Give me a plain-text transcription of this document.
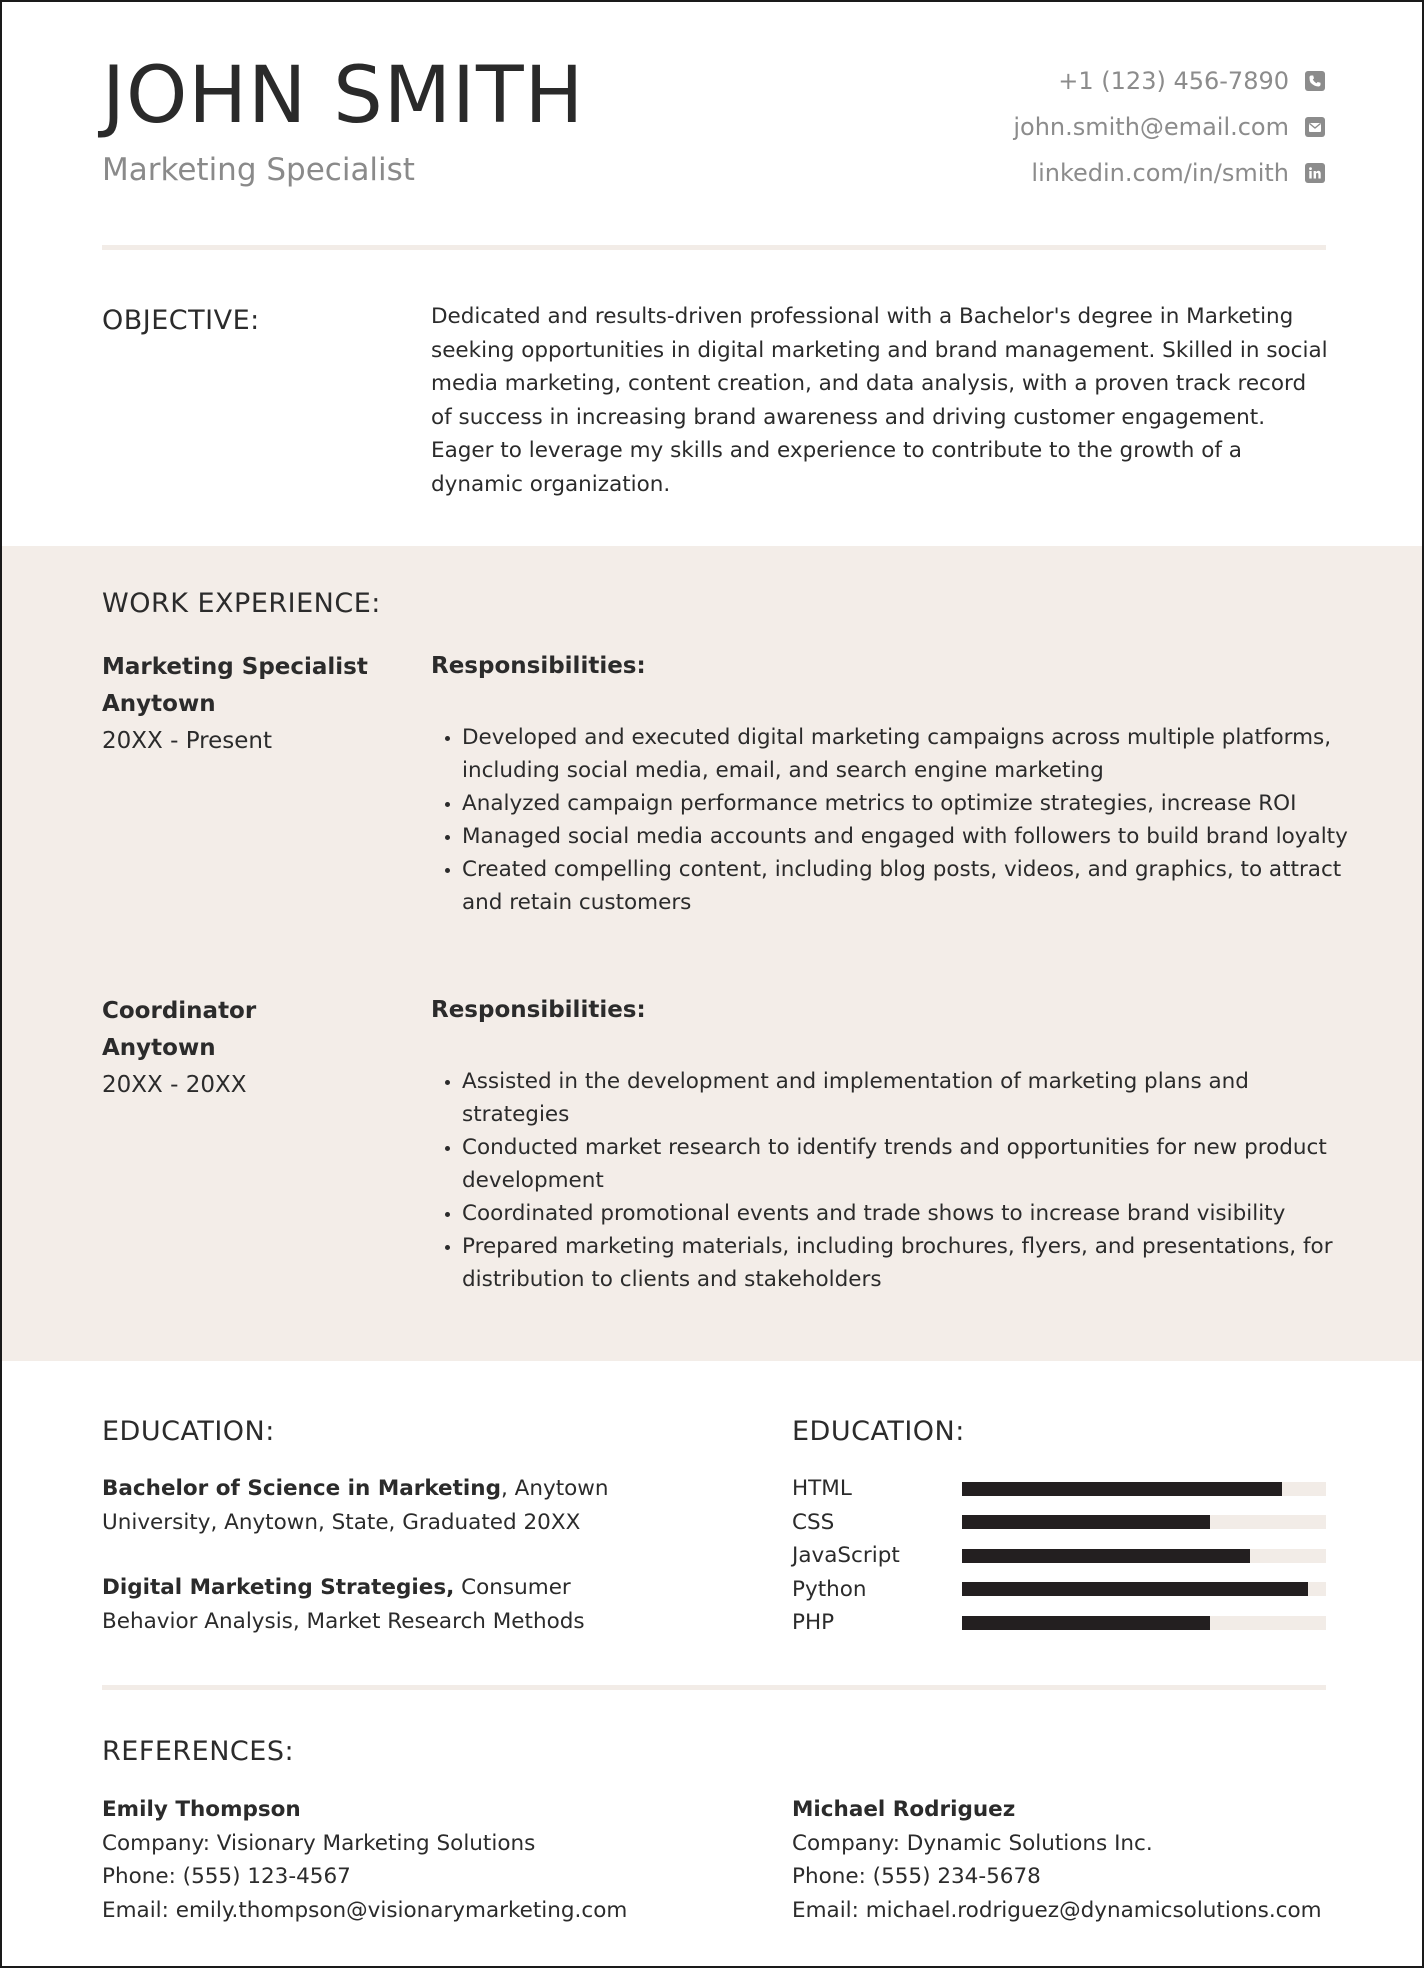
JOHN SMITH
Marketing Specialist
+1 (123) 456-7890
john.smith@email.com
linkedin.com/in/smith
OBJECTIVE:	Dedicated and results-driven professional with a Bachelor's degree in Marketing seeking opportunities in digital marketing and brand management. Skilled in social media marketing, content creation, and data analysis, with a proven track record of success in increasing brand awareness and driving customer engagement. Eager to leverage my skills and experience to contribute to the growth of a dynamic organization.

WORK EXPERIENCE:
Marketing Specialist
Anytown
20XX - Present
Responsibilities:
• Developed and executed digital marketing campaigns across multiple platforms, including social media, email, and search engine marketing
• Analyzed campaign performance metrics to optimize strategies, increase ROI
• Managed social media accounts and engaged with followers to build brand loyalty
• Created compelling content, including blog posts, videos, and graphics, to attract and retain customers
Coordinator
Anytown
20XX - 20XX
Responsibilities:
• Assisted in the development and implementation of marketing plans and strategies
• Conducted market research to identify trends and opportunities for new product development
• Coordinated promotional events and trade shows to increase brand visibility
• Prepared marketing materials, including brochures, flyers, and presentations, for distribution to clients and stakeholders
EDUCATION:
Bachelor of Science in Marketing, Anytown University, Anytown, State, Graduated 20XX
Digital Marketing Strategies, Consumer Behavior Analysis, Market Research Methods
EDUCATION:
HTML
CSS
JavaScript
Python
PHP
REFERENCES:
Emily Thompson
Company: Visionary Marketing Solutions
Phone: (555) 123-4567
Email: emily.thompson@visionarymarketing.com
Michael Rodriguez
Company: Dynamic Solutions Inc.
Phone: (555) 234-5678
Email: michael.rodriguez@dynamicsolutions.com
